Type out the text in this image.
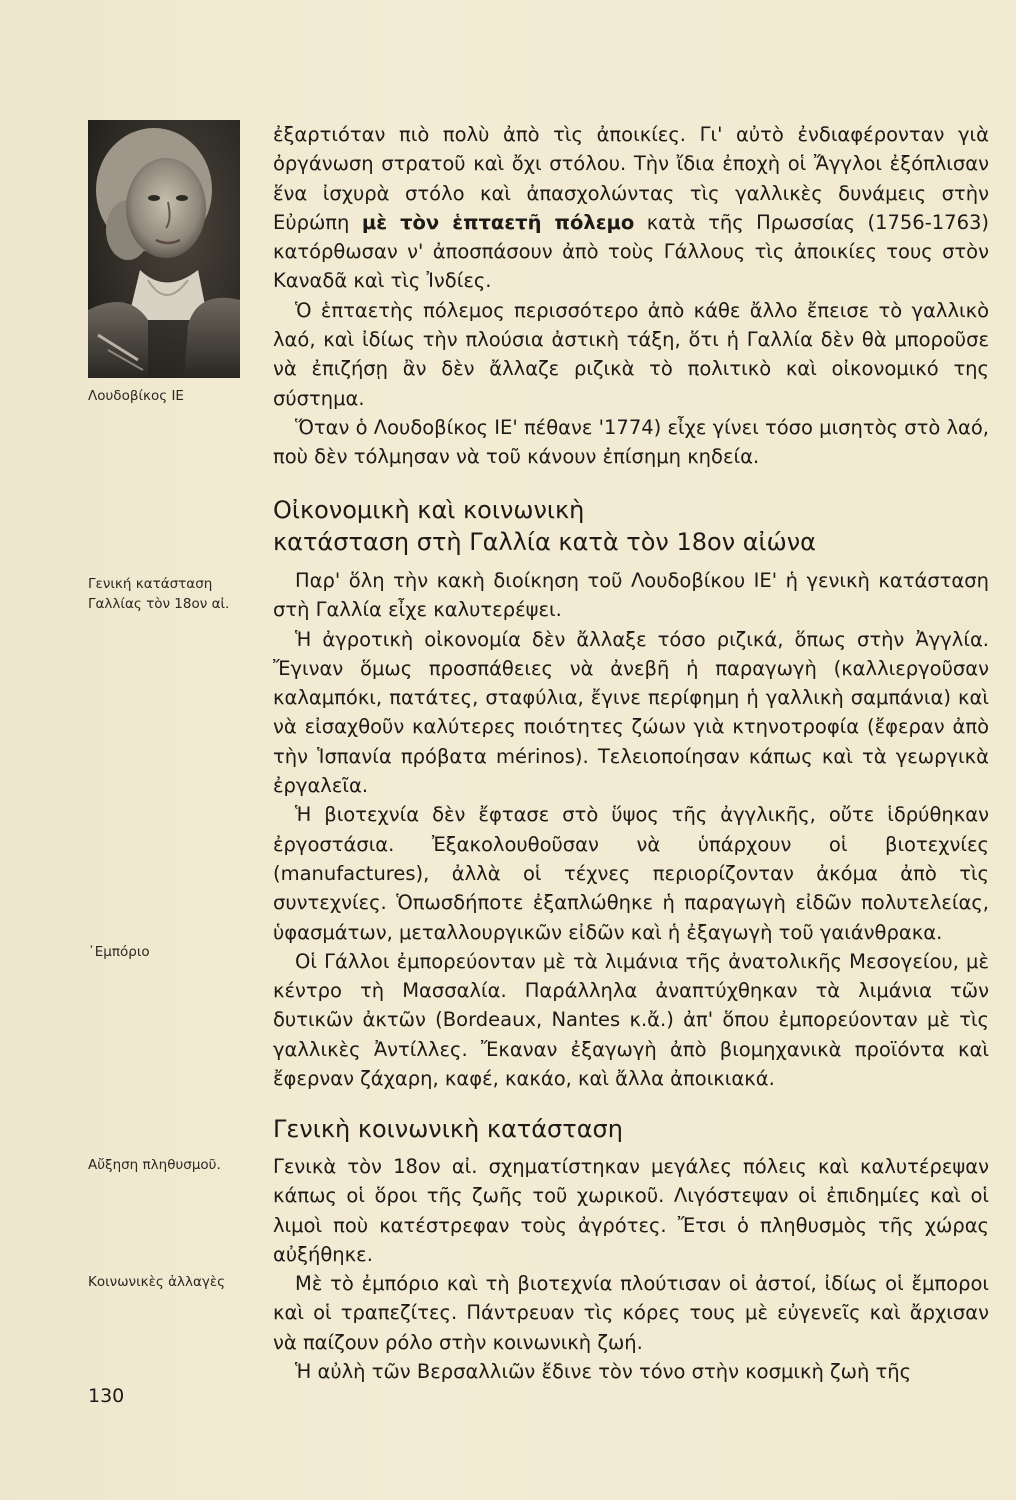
Λουδοβίκος ΙΕ
Γενική κατάσταση Γαλλίας τὸν 18ον αἰ.
᾿Εμπόριο
Αὔξηση πληθυσμοῦ.
Κοινωνικὲς ἀλλαγὲς

ἐξαρτιόταν πιὸ πολὺ ἀπὸ τὶς ἀποικίες. Γι' αὐτὸ ἐνδιαφέρονταν γιὰ ὀργάνωση στρατοῦ καὶ ὄχι στόλου. Τὴν ἴδια ἐποχὴ οἱ Ἄγγλοι ἐξόπλισαν ἕνα ἰσχυρὰ στόλο καὶ ἀπασχολώντας τὶς γαλλικὲς δυνάμεις στὴν Εὐρώπη μὲ τὸν ἑπταετῆ πόλεμο κατὰ τῆς Πρωσσίας (1756-1763) κατόρθωσαν ν' ἀποσπάσουν ἀπὸ τοὺς Γάλλους τὶς ἀποικίες τους στὸν Καναδᾶ καὶ τὶς Ἰνδίες.

Ὁ ἑπταετὴς πόλεμος περισσότερο ἀπὸ κάθε ἄλλο ἔπεισε τὸ γαλλικὸ λαό, καὶ ἰδίως τὴν πλούσια ἀστικὴ τάξη, ὅτι ἡ Γαλλία δὲν θὰ μποροῦσε νὰ ἐπιζήσῃ ἂν δὲν ἄλλαζε ριζικὰ τὸ πολιτικὸ καὶ οἰκονομικό της σύστημα.

Ὅταν ὁ Λουδοβίκος ΙΕ' πέθανε '1774) εἶχε γίνει τόσο μισητὸς στὸ λαό, ποὺ δὲν τόλμησαν νὰ τοῦ κάνουν ἐπίσημη κηδεία.

Οἰκονομικὴ καὶ κοινωνικὴ
κατάσταση στὴ Γαλλία κατὰ τὸν 18ον αἰώνα

Παρ' ὅλη τὴν κακὴ διοίκηση τοῦ Λουδοβίκου ΙΕ' ἡ γενικὴ κατάσταση στὴ Γαλλία εἶχε καλυτερέψει.

Ἡ ἀγροτικὴ οἰκονομία δὲν ἄλλαξε τόσο ριζικά, ὅπως στὴν Ἀγγλία. Ἔγιναν ὅμως προσπάθειες νὰ ἀνεβῆ ἡ παραγωγὴ (καλλιεργοῦσαν καλαμπόκι, πατάτες, σταφύλια, ἔγινε περίφημη ἡ γαλλικὴ σαμπάνια) καὶ νὰ εἰσαχθοῦν καλύτερες ποιότητες ζώων γιὰ κτηνοτροφία (ἔφεραν ἀπὸ τὴν Ἱσπανία πρόβατα mérinos). Τελειοποίησαν κάπως καὶ τὰ γεωργικὰ ἐργαλεῖα.

Ἡ βιοτεχνία δὲν ἔφτασε στὸ ὕψος τῆς ἀγγλικῆς, οὔτε ἱδρύθηκαν ἐργοστάσια. Ἐξακολουθοῦσαν νὰ ὑπάρχουν οἱ βιοτεχνίες (manufactures), ἀλλὰ οἱ τέχνες περιορίζονταν ἀκόμα ἀπὸ τὶς συντεχνίες. Ὁπωσδήποτε ἐξαπλώθηκε ἡ παραγωγὴ εἰδῶν πολυτελείας, ὑφασμάτων, μεταλλουργικῶν εἰδῶν καὶ ἡ ἐξαγωγὴ τοῦ γαιάνθρακα.

Οἱ Γάλλοι ἐμπορεύονταν μὲ τὰ λιμάνια τῆς ἀνατολικῆς Μεσογείου, μὲ κέντρο τὴ Μασσαλία. Παράλληλα ἀναπτύχθηκαν τὰ λιμάνια τῶν δυτικῶν ἀκτῶν (Bordeaux, Nantes κ.ἄ.) ἀπ' ὅπου ἐμπορεύονταν μὲ τὶς γαλλικὲς Ἀντίλλες. Ἔκαναν ἐξαγωγὴ ἀπὸ βιομηχανικὰ προϊόντα καὶ ἔφερναν ζάχαρη, καφέ, κακάο, καὶ ἄλλα ἀποικιακά.

Γενικὴ κοινωνικὴ κατάσταση

Γενικὰ τὸν 18ον αἰ. σχηματίστηκαν μεγάλες πόλεις καὶ καλυτέρεψαν κάπως οἱ ὅροι τῆς ζωῆς τοῦ χωρικοῦ. Λιγόστεψαν οἱ ἐπιδημίες καὶ οἱ λιμοὶ ποὺ κατέστρεφαν τοὺς ἀγρότες. Ἔτσι ὁ πληθυσμὸς τῆς χώρας αὐξήθηκε.

Μὲ τὸ ἐμπόριο καὶ τὴ βιοτεχνία πλούτισαν οἱ ἀστοί, ἰδίως οἱ ἔμποροι καὶ οἱ τραπεζίτες. Πάντρευαν τὶς κόρες τους μὲ εὐγενεῖς καὶ ἄρχισαν νὰ παίζουν ρόλο στὴν κοινωνικὴ ζωή.

Ἡ αὐλὴ τῶν Βερσαλλιῶν ἔδινε τὸν τόνο στὴν κοσμικὴ ζωὴ τῆς

130
